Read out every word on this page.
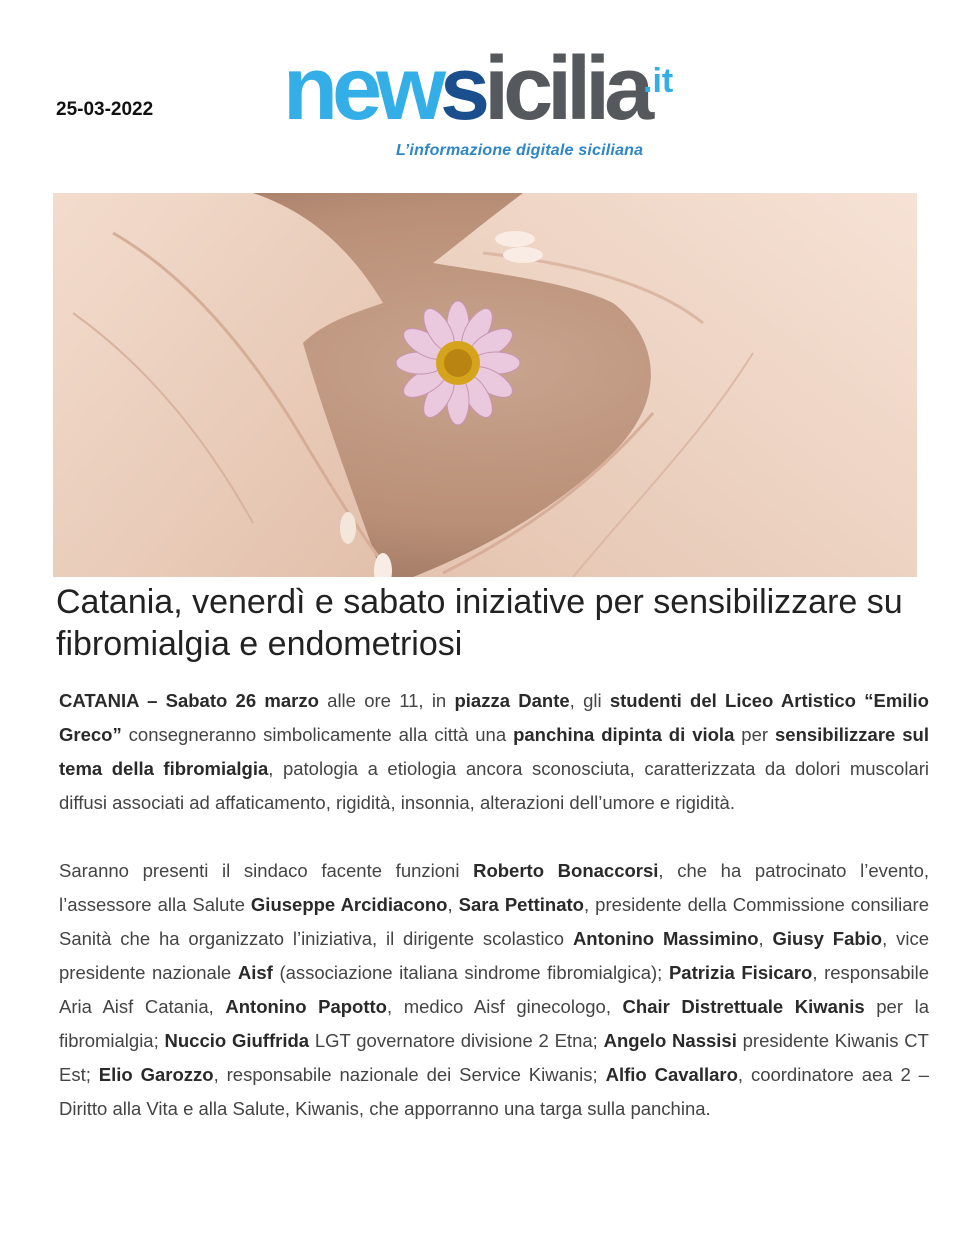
25-03-2022 newsicilia
.it
L’informazione digitale siciliana
Catania, venerdì e sabato iniziative per sensibilizzare su fibromialgia e endometriosi

CATANIA – Sabato 26 marzo alle ore 11, in piazza Dante, gli studenti del Liceo Artistico “Emilio Greco” consegneranno simbolicamente alla città una panchina dipinta di viola per sensibilizzare sul tema della fibromialgia, patologia a etiologia ancora sconosciuta, caratterizzata da dolori muscolari diffusi associati ad affaticamento, rigidità, insonnia, alterazioni dell’umore e rigidità.

Saranno presenti il sindaco facente funzioni Roberto Bonaccorsi, che ha patrocinato l’evento, l’assessore alla Salute Giuseppe Arcidiacono, Sara Pettinato, presidente della Commissione consiliare Sanità che ha organizzato l’iniziativa, il dirigente scolastico Antonino Massimino, Giusy Fabio, vice presidente nazionale Aisf (associazione italiana sindrome fibromialgica); Patrizia Fisicaro, responsabile Aria Aisf Catania, Antonino Papotto, medico Aisf ginecologo, Chair Distrettuale Kiwanis per la fibromialgia; Nuccio Giuffrida LGT governatore divisione 2 Etna; Angelo Nassisi presidente Kiwanis CT Est; Elio Garozzo, responsabile nazionale dei Service Kiwanis; Alfio Cavallaro, coordinatore aea 2 – Diritto alla Vita e alla Salute, Kiwanis, che apporranno una targa sulla panchina.
